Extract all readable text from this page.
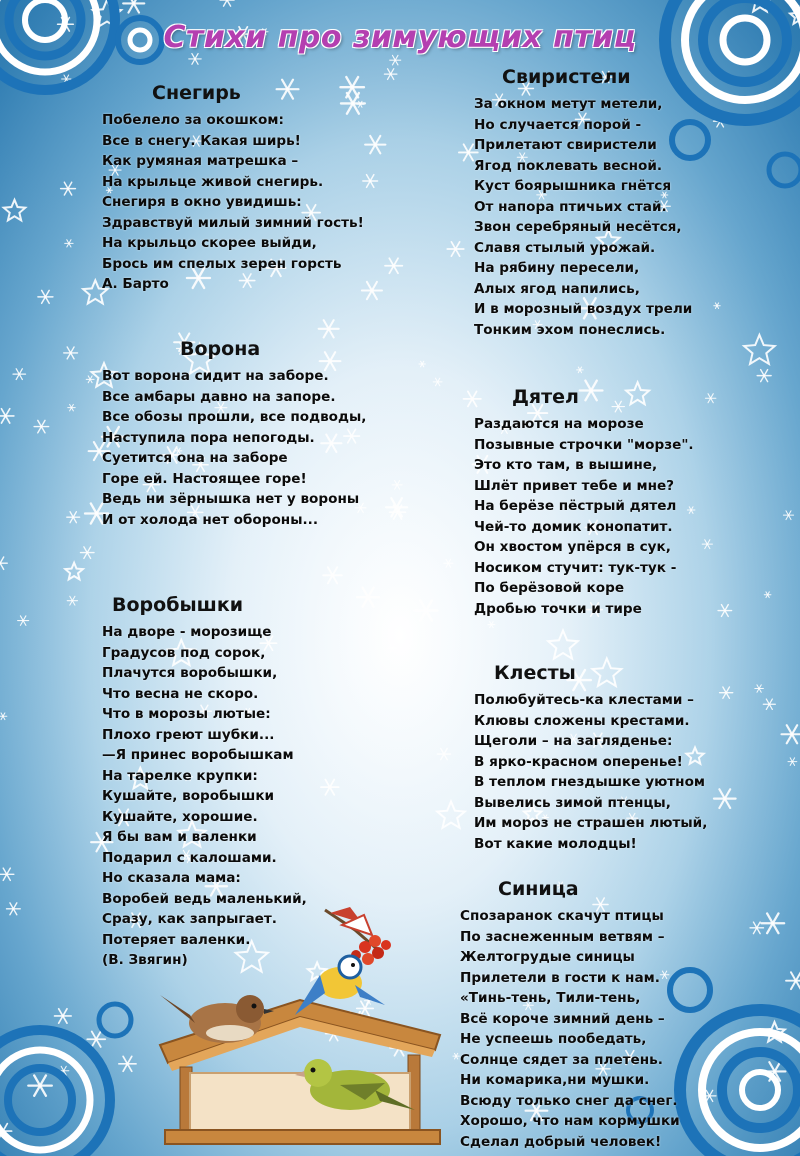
Стихи про зимующих птиц
Снегирь
Побелело за окошком:
Все в снегу. Какая ширь!
Как румяная матрешка –
На крыльце живой снегирь.
Снегиря в окно увидишь:
Здравствуй милый зимний гость!
На крыльцо скорее выйди,
Брось им спелых зерен горсть
А. Барто
Ворона
Вот ворона сидит на заборе.
Все амбары давно на запоре.
Все обозы прошли, все подводы,
Наступила пора непогоды.
Суетится она на заборе
Горе ей. Настоящее горе!
Ведь ни зёрнышка нет у вороны
И от холода нет обороны...
Воробышки
На дворе - морозище
Градусов под сорок,
Плачутся воробышки,
Что весна не скоро.
Что в морозы лютые:
Плохо греют шубки...
—Я принес воробышкам
На тарелке крупки:
Кушайте, воробышки
Кушайте, хорошие.
Я бы вам и валенки
Подарил с калошами.
Но сказала мама:
Воробей ведь маленький,
Сразу, как запрыгает.
Потеряет валенки.
(В. Звягин)
Свиристели
За окном метут метели,
Но случается порой -
Прилетают свиристели
Ягод поклевать весной.
Куст боярышника гнётся
От напора птичьих стай.
Звон серебряный несётся,
Славя стылый урожай.
На рябину пересели,
Алых ягод напились,
И в морозный воздух трели
Тонким эхом понеслись.
Дятел
Раздаются на морозе
Позывные строчки "морзе".
Это кто там, в вышине,
Шлёт привет тебе и мне?
На берёзе пёстрый дятел
Чей-то домик конопатит.
Он хвостом упёрся в сук,
Носиком стучит: тук-тук -
По берёзовой коре
Дробью точки и тире
Клесты
Полюбуйтесь-ка клестами –
Клювы сложены крестами.
Щеголи – на загляденье:
В ярко-красном оперенье!
В теплом гнездышке уютном
Вывелись зимой птенцы,
Им мороз не страшен лютый,
Вот какие молодцы!
Синица
Спозаранок скачут птицы
По заснеженным ветвям –
Желтогрудые синицы
Прилетели в гости к нам.
«Тинь-тень, Тили-тень,
Всё короче зимний день –
Не успеешь пообедать,
Солнце сядет за плетень.
Ни комарика,ни мушки.
Всюду только снег да снег.
Хорошо, что нам кормушки
Сделал добрый человек!
